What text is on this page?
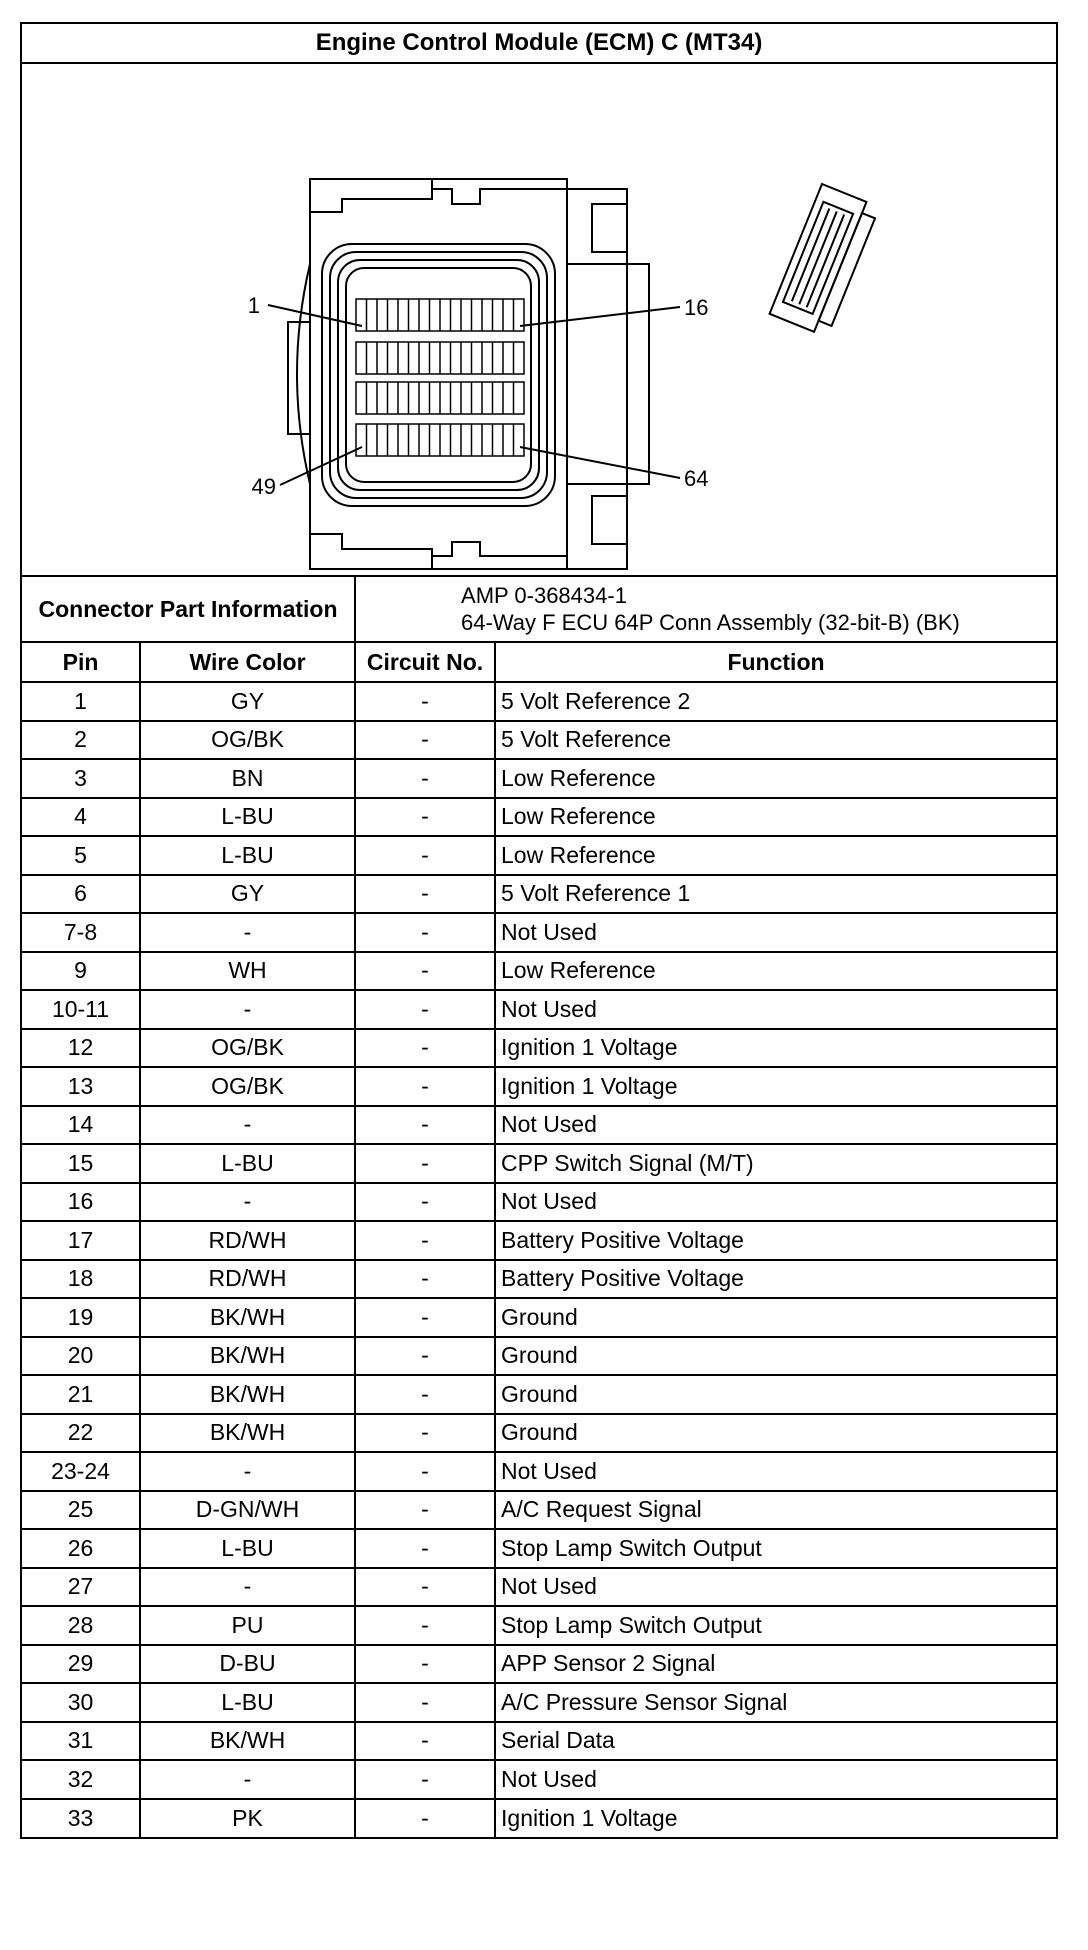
Engine Control Module (ECM) C (MT34)
1	16
49	64
Connector Part Information		AMP 0-368434-1
64-Way F ECU 64P Conn Assembly (32-bit-B) (BK)	

Pin	Wire Color	Circuit No.	Function
1	GY	-	5 Volt Reference 2
2	OG/BK	-	5 Volt Reference
3	BN	-	Low Reference
4	L-BU	-	Low Reference
5	L-BU	-	Low Reference
6	GY	-	5 Volt Reference 1
7-8	-	-	Not Used
9	WH	-	Low Reference
10-11	-	-	Not Used
12	OG/BK	-	Ignition 1 Voltage
13	OG/BK	-	Ignition 1 Voltage
14	-	-	Not Used
15	L-BU	-	CPP Switch Signal (M/T)
16	-	-	Not Used
17	RD/WH	-	Battery Positive Voltage
18	RD/WH	-	Battery Positive Voltage
19	BK/WH	-	Ground
20	BK/WH	-	Ground
21	BK/WH	-	Ground
22	BK/WH	-	Ground
23-24	-	-	Not Used
25	D-GN/WH	-	A/C Request Signal
26	L-BU	-	Stop Lamp Switch Output
27	-	-	Not Used
28	PU	-	Stop Lamp Switch Output
29	D-BU	-	APP Sensor 2 Signal
30	L-BU	-	A/C Pressure Sensor Signal
31	BK/WH	-	Serial Data
32	-	-	Not Used
33	PK	-	Ignition 1 Voltage
